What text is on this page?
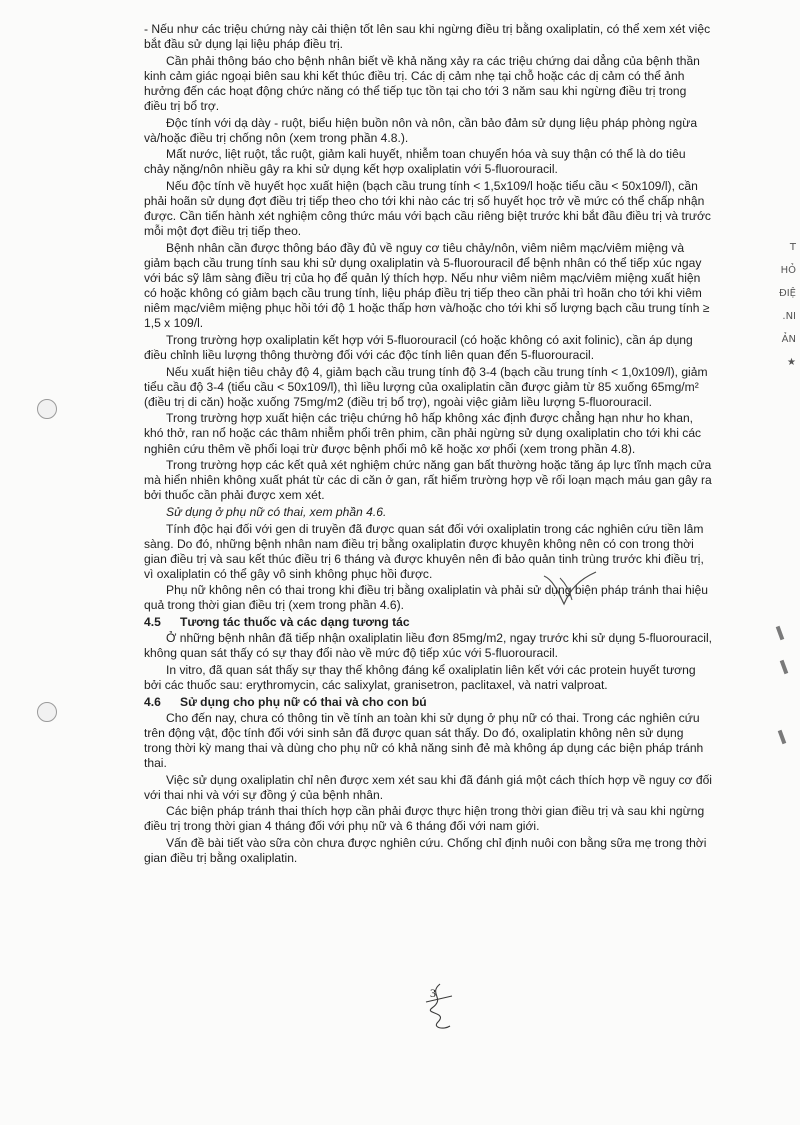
- Nếu như các triệu chứng này cải thiện tốt lên sau khi ngừng điều trị bằng oxaliplatin, có thể xem xét việc bắt đầu sử dụng lại liệu pháp điều trị.

Cần phải thông báo cho bệnh nhân biết về khả năng xảy ra các triệu chứng dai dẳng của bệnh thần kinh cảm giác ngoại biên sau khi kết thúc điều trị. Các dị cảm nhẹ tại chỗ hoặc các dị cảm có thể ảnh hưởng đến các hoạt động chức năng có thể tiếp tục tồn tại cho tới 3 năm sau khi ngừng điều trị trong điều trị bổ trợ.

Độc tính với dạ dày - ruột, biểu hiện buồn nôn và nôn, cần bảo đảm sử dụng liệu pháp phòng ngừa và/hoặc điều trị chống nôn (xem trong phần 4.8.).

Mất nước, liệt ruột, tắc ruột, giảm kali huyết, nhiễm toan chuyển hóa và suy thận có thể là do tiêu chảy nặng/nôn nhiều gây ra khi sử dụng kết hợp oxaliplatin với 5-fluorouracil.

Nếu độc tính về huyết học xuất hiện (bạch cầu trung tính < 1,5x109/l hoặc tiểu cầu < 50x109/l), cần phải hoãn sử dụng đợt điều trị tiếp theo cho tới khi nào các trị số huyết học trở về mức có thể chấp nhận được. Cần tiến hành xét nghiệm công thức máu với bạch cầu riêng biệt trước khi bắt đầu điều trị và trước mỗi một đợt điều trị tiếp theo.

Bệnh nhân cần được thông báo đầy đủ về nguy cơ tiêu chảy/nôn, viêm niêm mạc/viêm miệng và giảm bạch cầu trung tính sau khi sử dụng oxaliplatin và 5-fluorouracil để bệnh nhân có thể tiếp xúc ngay với bác sỹ lâm sàng điều trị của họ để quản lý thích hợp. Nếu như viêm niêm mạc/viêm miệng xuất hiện có hoặc không có giảm bạch cầu trung tính, liệu pháp điều trị tiếp theo cần phải trì hoãn cho tới khi viêm niêm mạc/viêm miệng phục hồi tới độ 1 hoặc thấp hơn và/hoặc cho tới khi số lượng bạch cầu trung tính ≥ 1,5 x 109/l.

Trong trường hợp oxaliplatin kết hợp với 5-fluorouracil (có hoặc không có axit folinic), cần áp dụng điều chỉnh liều lượng thông thường đối với các độc tính liên quan đến 5-fluorouracil.

Nếu xuất hiện tiêu chảy độ 4, giảm bạch cầu trung tính độ 3-4 (bạch cầu trung tính < 1,0x109/l), giảm tiểu cầu độ 3-4 (tiểu cầu < 50x109/l), thì liều lượng của oxaliplatin cần được giảm từ 85 xuống 65mg/m² (điều trị di căn) hoặc xuống 75mg/m2 (điều trị bổ trợ), ngoài việc giảm liều lượng 5-fluorouracil.

Trong trường hợp xuất hiện các triệu chứng hô hấp không xác định được chẳng hạn như ho khan, khó thở, ran nổ hoặc các thâm nhiễm phổi trên phim, cần phải ngừng sử dụng oxaliplatin cho tới khi các nghiên cứu thêm về phổi loại trừ được bệnh phổi mô kẽ hoặc xơ phổi (xem trong phần 4.8).

Trong trường hợp các kết quả xét nghiệm chức năng gan bất thường hoặc tăng áp lực tĩnh mạch cửa mà hiển nhiên không xuất phát từ các di căn ở gan, rất hiếm trường hợp về rối loạn mạch máu gan gây ra bởi thuốc cần phải được xem xét.

Sử dụng ở phụ nữ có thai, xem phần 4.6.

Tính độc hại đối với gen di truyền đã được quan sát đối với oxaliplatin trong các nghiên cứu tiền lâm sàng. Do đó, những bệnh nhân nam điều trị bằng oxaliplatin được khuyên không nên có con trong thời gian điều trị và sau kết thúc điều trị 6 tháng và được khuyên nên đi bảo quản tinh trùng trước khi điều trị, vì oxaliplatin có thể gây vô sinh không phục hồi được.

Phụ nữ không nên có thai trong khi điều trị bằng oxaliplatin và phải sử dụng biện pháp tránh thai hiệu quả trong thời gian điều trị (xem trong phần 4.6).

4.5 Tương tác thuốc và các dạng tương tác

Ở những bệnh nhân đã tiếp nhận oxaliplatin liều đơn 85mg/m2, ngay trước khi sử dụng 5-fluorouracil, không quan sát thấy có sự thay đổi nào về mức độ tiếp xúc với 5-fluorouracil.

In vitro, đã quan sát thấy sự thay thế không đáng kể oxaliplatin liên kết với các protein huyết tương bởi các thuốc sau: erythromycin, các salixylat, granisetron, paclitaxel, và natri valproat.

4.6 Sử dụng cho phụ nữ có thai và cho con bú

Cho đến nay, chưa có thông tin về tính an toàn khi sử dụng ở phụ nữ có thai. Trong các nghiên cứu trên động vật, độc tính đối với sinh sản đã được quan sát thấy. Do đó, oxaliplatin không nên sử dụng trong thời kỳ mang thai và dùng cho phụ nữ có khả năng sinh đẻ mà không áp dụng các biện pháp tránh thai.

Việc sử dụng oxaliplatin chỉ nên được xem xét sau khi đã đánh giá một cách thích hợp về nguy cơ đối với thai nhi và với sự đồng ý của bệnh nhân.

Các biện pháp tránh thai thích hợp cần phải được thực hiện trong thời gian điều trị và sau khi ngừng điều trị trong thời gian 4 tháng đối với phụ nữ và 6 tháng đối với nam giới.

Vấn đề bài tiết vào sữa còn chưa được nghiên cứu. Chống chỉ định nuôi con bằng sữa mẹ trong thời gian điều trị bằng oxaliplatin.

T
HỎ
ĐIỆ
.NI
ẢN
★
3
